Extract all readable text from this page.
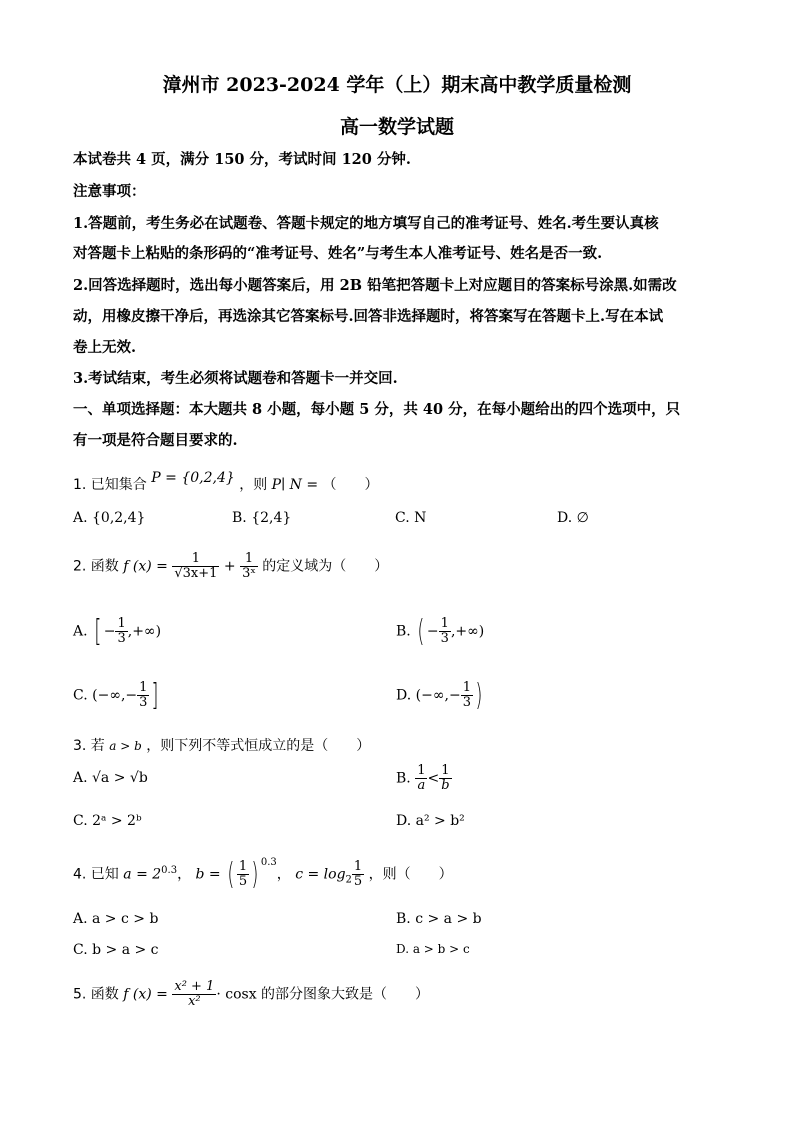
漳州市 2023-2024 学年（上）期末高中教学质量检测
高一数学试题
本试卷共 4 页，满分 150 分，考试时间 120 分钟.
注意事项：
1.答题前，考生务必在试题卷、答题卡规定的地方填写自己的准考证号、姓名.考生要认真核
对答题卡上粘贴的条形码的“准考证号、姓名”与考生本人准考证号、姓名是否一致.
2.回答选择题时，选出每小题答案后，用 2B 铅笔把答题卡上对应题目的答案标号涂黑.如需改
动，用橡皮擦干净后，再选涂其它答案标号.回答非选择题时，将答案写在答题卡上.写在本试
卷上无效.
3.考试结束，考生必须将试题卷和答题卡一并交回.
一、单项选择题：本大题共 8 小题，每小题 5 分，共 40 分，在每小题给出的四个选项中，只
有一项是符合题目要求的.
1. 已知集合 P = {0,2,4} ，则 P∣ N = （　　）
A. {0,2,4}	B. {2,4}	C. N	D. ∅
2. 函数 f $(x) = \frac{1}{√3x+1} + \frac{1}{\text{3ˣ}}$ 的定义域为（　　）
A. [ − $\frac{1}{3}$ ,+∞)	B. ( − $\frac{1}{3}$ ,+∞)
C. (−∞,− $\frac{1}{3}$ ]	D. (−∞,− $\frac{1}{3}$ )
3. 若 a > b ，则下列不等式恒成立的是（　　）
A. √a > √b	B. $\frac{1}{a} < \frac{1}{b}$
C. 2ᵃ > 2ᵇ	D. a² > b²
4. 已知 $a = 2^{0.3}$， b = ( $\frac{1}{5}$ ) $^{0.3}$， $c = \log_2 \frac{1}{5}$ ，则（　　）
A. a > c > b	B. c > a > b
C. b > a > c	D. a > b > c
5. 函数 f $(x) = \frac{\text{x² + 1}}{\text{x²}} \cdot \cos x$ 的部分图象大致是（　　）
